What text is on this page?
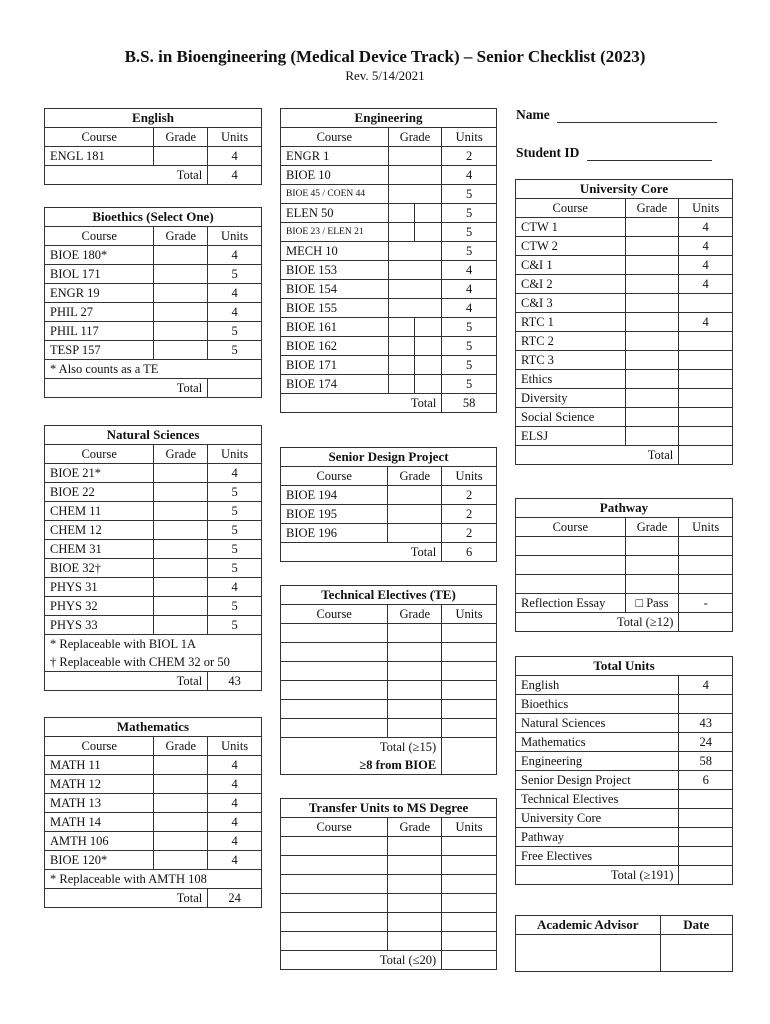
B.S. in Bioengineering (Medical Device Track) – Senior Checklist (2023)
Rev. 5/14/2021
English		
Course	Grade	Units
ENGL 181		4
Total		4
Bioethics (Select One)		
Course	Grade	Units
BIOE 180*		4
BIOL 171		5
ENGR 19		4
PHIL 27		4
PHIL 117		5
TESP 157		5
* Also counts as a TE		
Total		
Natural Sciences		
Course	Grade	Units
BIOE 21*		4
BIOE 22		5
CHEM 11		5
CHEM 12		5
CHEM 31		5
BIOE 32†		5
PHYS 31		4
PHYS 32		5
PHYS 33		5
* Replaceable with BIOL 1A		
† Replaceable with CHEM 32 or 50		
Total		43
Mathematics		
Course	Grade	Units
MATH 11		4
MATH 12		4
MATH 13		4
MATH 14		4
AMTH 106		4
BIOE 120*		4
* Replaceable with AMTH 108		
Total		24
Engineering			
Course	Grade		Units
ENGR 1			2
BIOE 10			4
BIOE 45 / COEN 44			5
ELEN 50			5
BIOE 23 / ELEN 21			5
MECH 10			5
BIOE 153			4
BIOE 154			4
BIOE 155			4
BIOE 161			5
BIOE 162			5
BIOE 171			5
BIOE 174			5
Total			58
Senior Design Project		
Course	Grade	Units
BIOE 194		2
BIOE 195		2
BIOE 196		2
Total		6
Technical Electives (TE)		
Course	Grade	Units

Total (≥15)		
≥8 from BIOE		
Transfer Units to MS Degree		
Course	Grade	Units

Total (≤20)		
Name
Student ID
University Core		
Course	Grade	Units
CTW 1		4
CTW 2		4
C&I 1		4
C&I 2		4
C&I 3		
RTC 1		4
RTC 2		
RTC 3		
Ethics		
Diversity		
Social Science		
ELSJ		
Total		
Pathway		
Course	Grade	Units

Reflection Essay	□ Pass	-
Total (≥12)		
Total Units	
English	4
Bioethics	
Natural Sciences	43
Mathematics	24
Engineering	58
Senior Design Project	6
Technical Electives	
University Core	
Pathway	
Free Electives	
Total (≥191)	
Academic Advisor	Date
